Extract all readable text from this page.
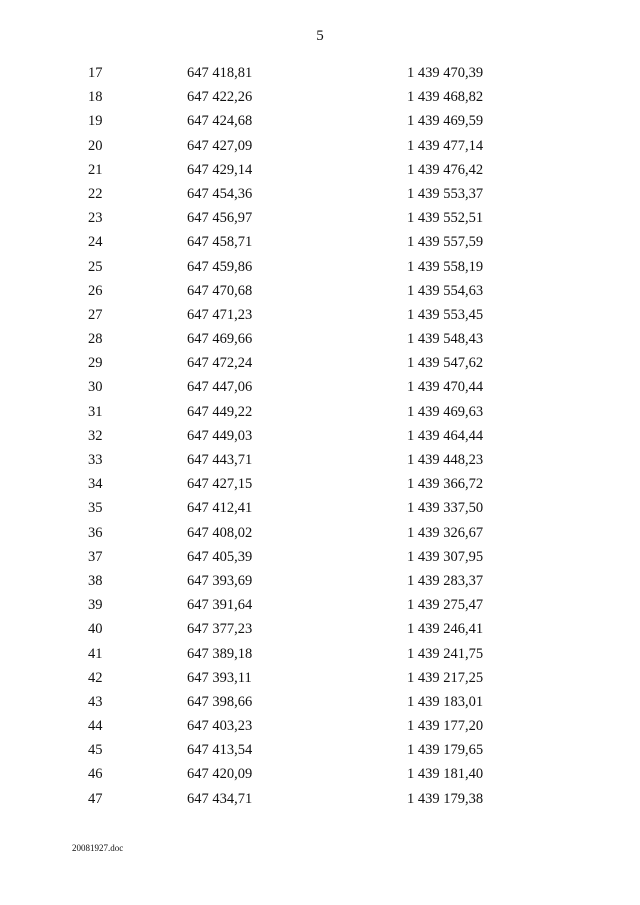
5
17	647 418,81	1 439 470,39
18	647 422,26	1 439 468,82
19	647 424,68	1 439 469,59
20	647 427,09	1 439 477,14
21	647 429,14	1 439 476,42
22	647 454,36	1 439 553,37
23	647 456,97	1 439 552,51
24	647 458,71	1 439 557,59
25	647 459,86	1 439 558,19
26	647 470,68	1 439 554,63
27	647 471,23	1 439 553,45
28	647 469,66	1 439 548,43
29	647 472,24	1 439 547,62
30	647 447,06	1 439 470,44
31	647 449,22	1 439 469,63
32	647 449,03	1 439 464,44
33	647 443,71	1 439 448,23
34	647 427,15	1 439 366,72
35	647 412,41	1 439 337,50
36	647 408,02	1 439 326,67
37	647 405,39	1 439 307,95
38	647 393,69	1 439 283,37
39	647 391,64	1 439 275,47
40	647 377,23	1 439 246,41
41	647 389,18	1 439 241,75
42	647 393,11	1 439 217,25
43	647 398,66	1 439 183,01
44	647 403,23	1 439 177,20
45	647 413,54	1 439 179,65
46	647 420,09	1 439 181,40
47	647 434,71	1 439 179,38
20081927.doc
